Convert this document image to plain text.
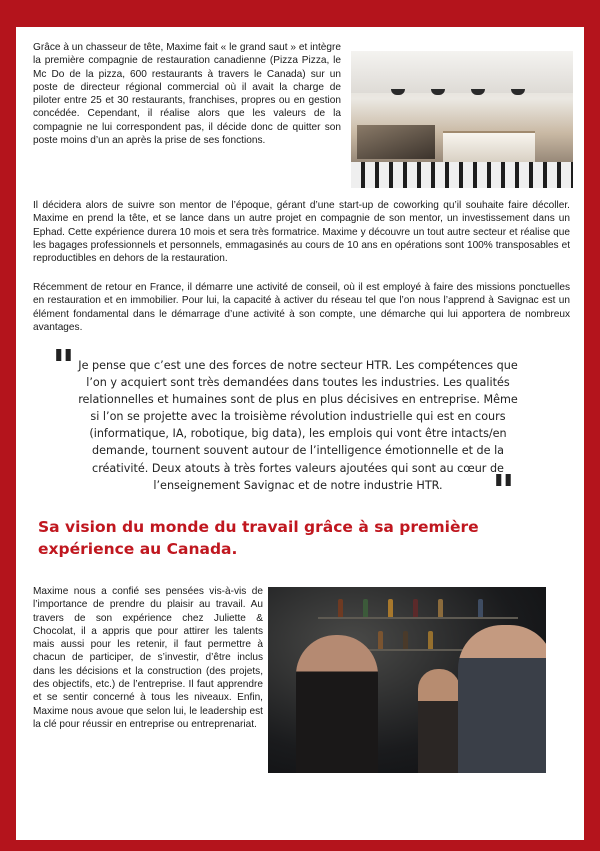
Grâce à un chasseur de tête, Maxime fait « le grand saut » et intègre la première compagnie de restauration canadienne (Pizza Pizza, le Mc Do de la pizza, 600 restaurants à travers le Canada) sur un poste de directeur régional commercial où il avait la charge de piloter entre 25 et 30 restaurants, franchises, propres ou en gestion concédée. Cependant, il réalise alors que les valeurs de la compagnie ne lui correspondent pas, il décide donc de quitter son poste moins d’un an après la prise de ses fonctions.

Il décidera alors de suivre son mentor de l’époque, gérant d’une start-up de coworking qu’il souhaite faire décoller. Maxime en prend la tête, et se lance dans un autre projet en compagnie de son mentor, un investissement dans un Ephad. Cette expérience durera 10 mois et sera très formatrice. Maxime y découvre un tout autre secteur et réalise que les bagages professionnels et personnels, emmagasinés au cours de 10 ans en opérations sont 100% transposables et reproductibles en dehors de la restauration.

Récemment de retour en France, il démarre une activité de conseil, où il est employé à faire des missions ponctuelles en restauration et en immobilier. Pour lui, la capacité à activer du réseau tel que l’on nous l’apprend à Savignac est un élément fondamental dans le démarrage d’une activité à son compte, une démarche qui lui apportera de nombreux avantages.

" Je pense que c’est une des forces de notre secteur HTR. Les compétences que l’on y acquiert sont très demandées dans toutes les industries. Les qualités relationnelles et humaines sont de plus en plus décisives en entreprise. Même si l’on se projette avec la troisième révolution industrielle qui est en cours (informatique, IA, robotique, big data), les emplois qui vont être intacts/en demande, tournent souvent autour de l’intelligence émotionnelle et de la créativité. Deux atouts à très fortes valeurs ajoutées qui sont au cœur de l’enseignement Savignac et de notre industrie HTR.	"
Sa vision du monde du travail grâce à sa première expérience au Canada.

Maxime nous a confié ses pensées vis-à-vis de l’importance de prendre du plaisir au travail. Au travers de son expérience chez Juliette & Chocolat, il a appris que pour attirer les talents mais aussi pour les retenir, il faut permettre à chacun de participer, de s’investir, d’être inclus dans les décisions et la construction (des projets, des objectifs, etc.) de l’entreprise. Il faut apprendre et se sentir concerné à tous les niveaux. Enfin, Maxime nous avoue que selon lui, le leadership est la clé pour réussir en entreprise ou entreprenariat.
